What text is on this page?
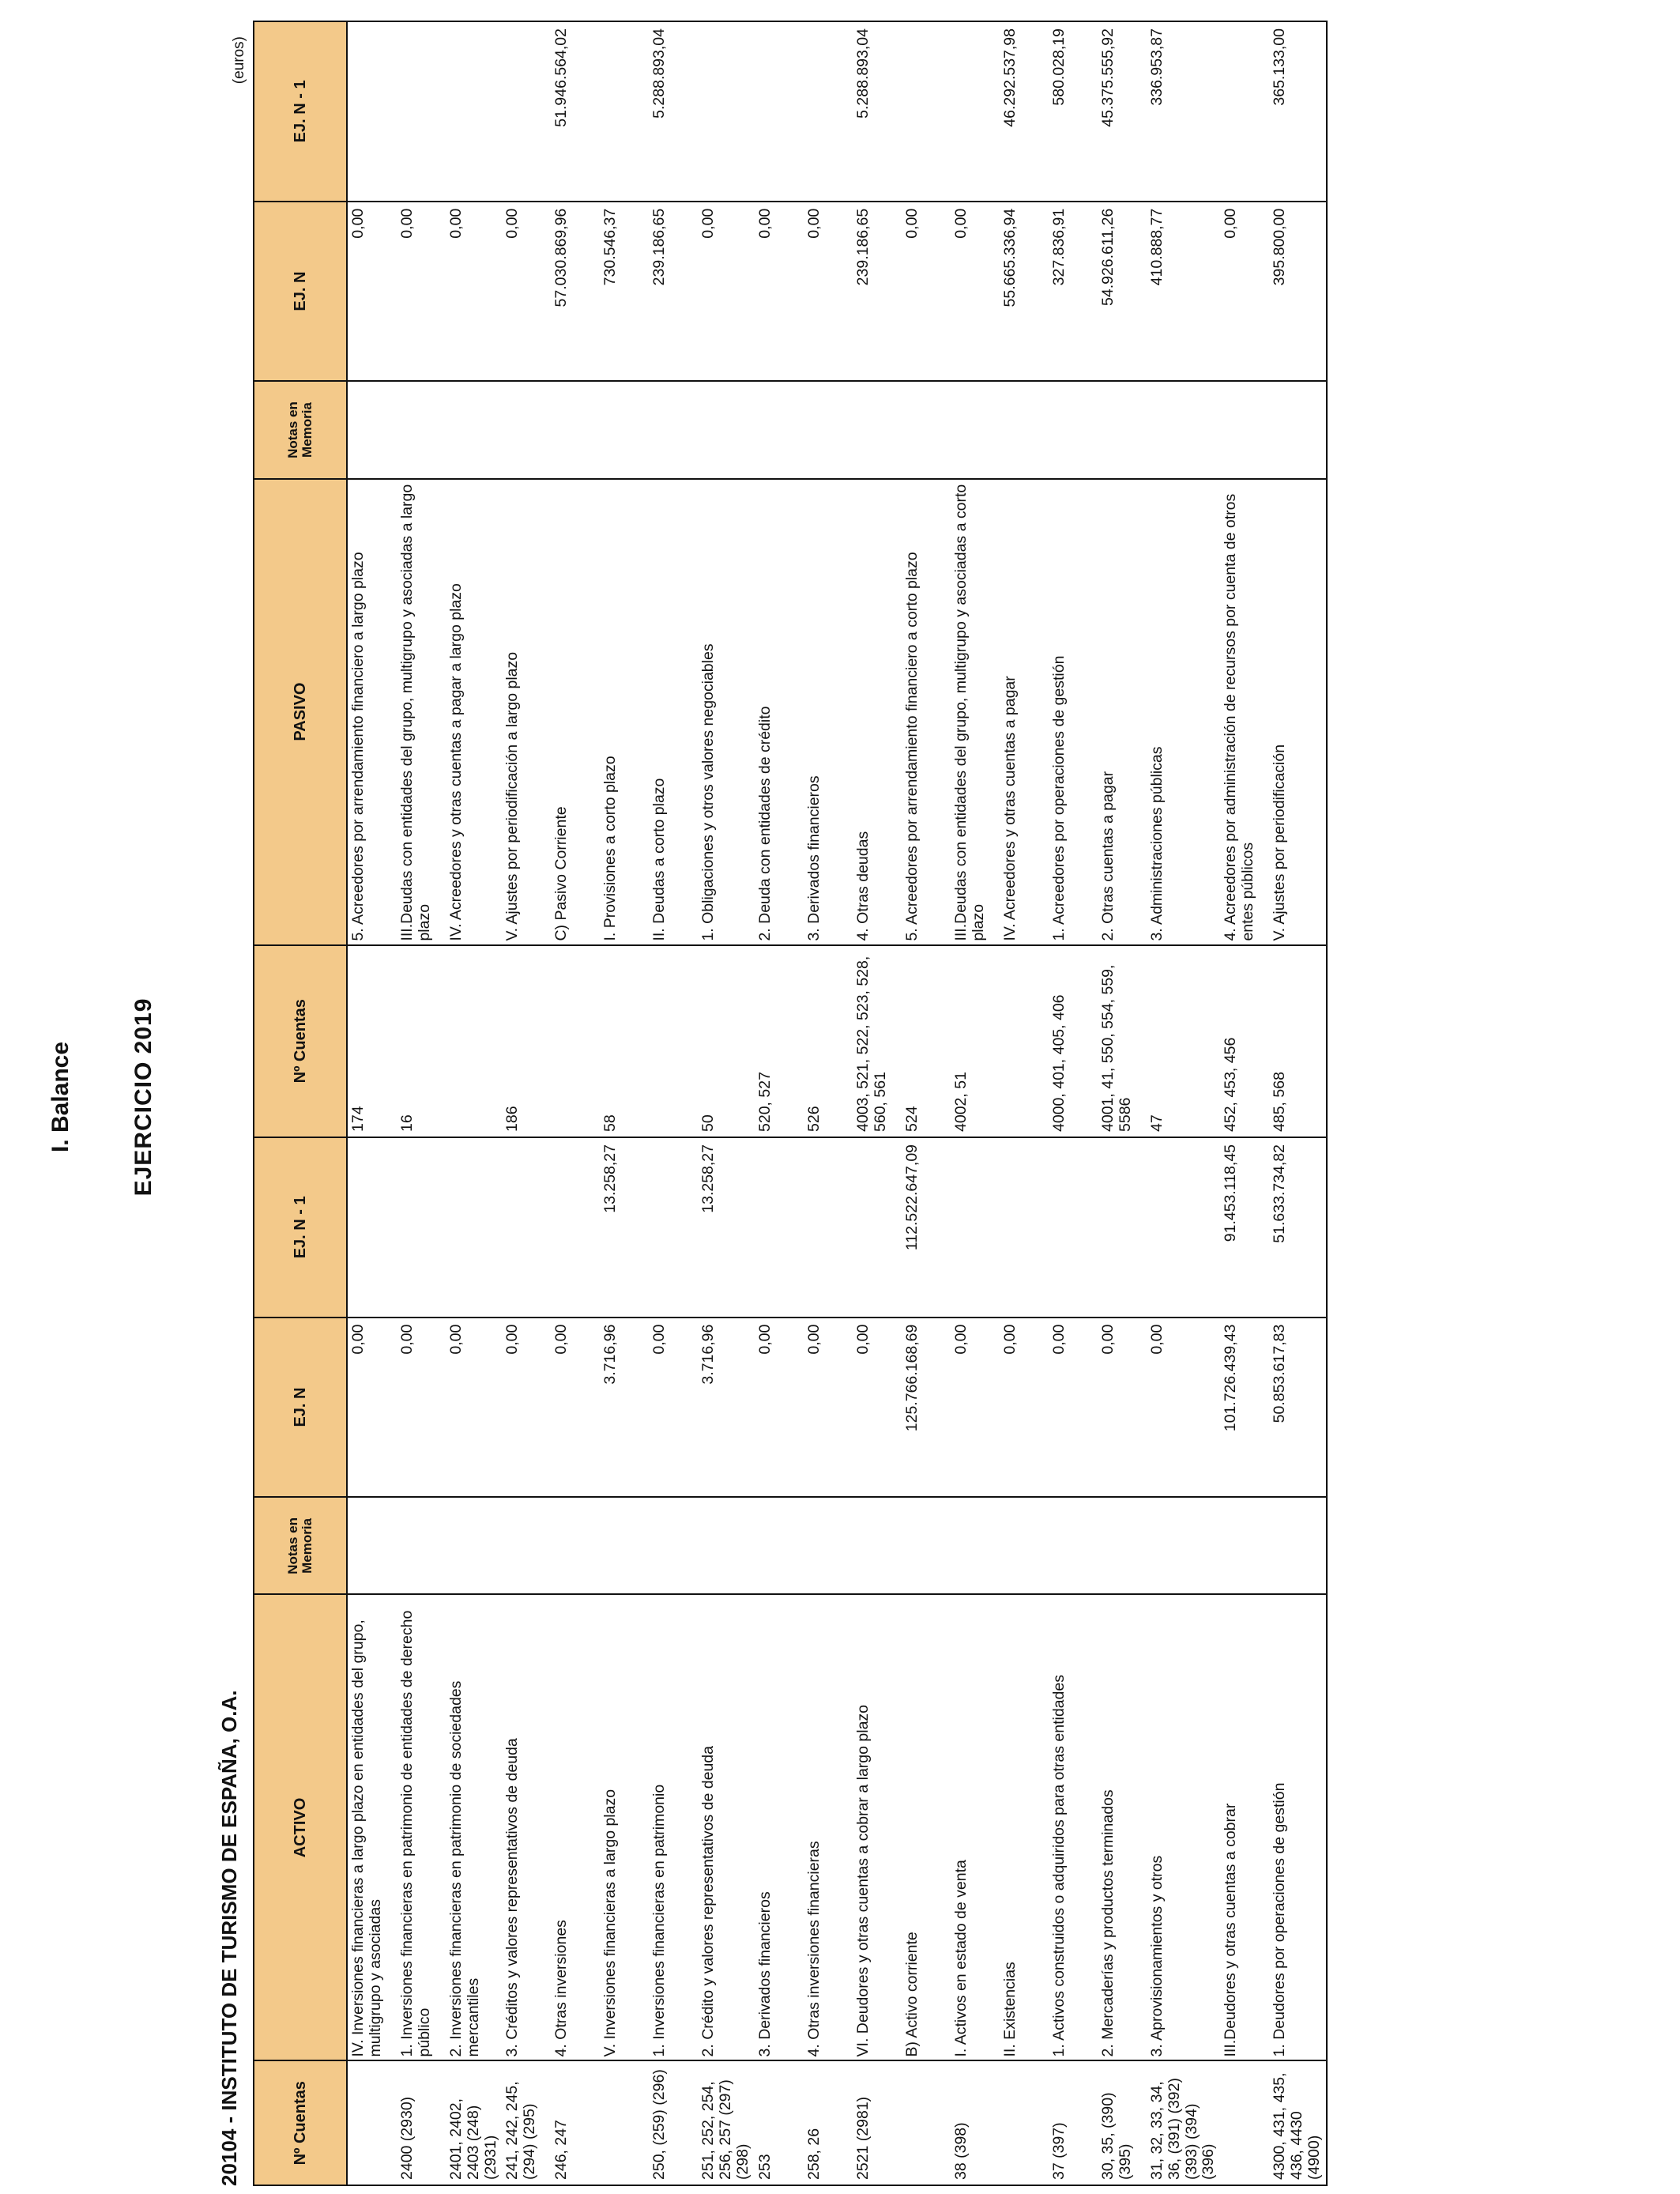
I. Balance EJERCICIO 2019
20104 - INSTITUTO DE TURISMO DE ESPAÑA, O.A.
(euros)
Nº Cuentas	ACTIVO	Notas en Memoria	EJ. N	EJ. N - 1	Nº Cuentas	PASIVO	Notas en Memoria	EJ. N	EJ. N - 1
	IV. Inversiones financieras a largo plazo en entidades del grupo, multigrupo y asociadas		0,00		174	5. Acreedores por arrendamiento financiero a largo plazo		0,00	
2400 (2930)	1. Inversiones financieras en patrimonio de entidades de derecho público		0,00		16	III.Deudas con entidades del grupo, multigrupo y asociadas a largo plazo		0,00	
2401, 2402, 2403 (248) (2931)	2. Inversiones financieras en patrimonio de sociedades mercantiles		0,00			IV. Acreedores y otras cuentas a pagar a largo plazo		0,00	
241, 242, 245, (294) (295)	3. Créditos y valores representativos de deuda		0,00		186	V. Ajustes por periodificación a largo plazo		0,00	
246, 247	4. Otras inversiones		0,00			C) Pasivo Corriente		57.030.869,96	51.946.564,02
	V. Inversiones financieras a largo plazo		3.716,96	13.258,27	58	I. Provisiones a corto plazo		730.546,37	
250, (259) (296)	1. Inversiones financieras en patrimonio		0,00			II. Deudas a corto plazo		239.186,65	5.288.893,04
251, 252, 254, 256, 257 (297) (298)	2. Crédito y valores representativos de deuda		3.716,96	13.258,27	50	1. Obligaciones y otros valores negociables		0,00	
253	3. Derivados financieros		0,00		520, 527	2. Deuda con entidades de crédito		0,00	
258, 26	4. Otras inversiones financieras		0,00		526	3. Derivados financieros		0,00	
2521 (2981)	VI. Deudores y otras cuentas a cobrar a largo plazo		0,00		4003, 521, 522, 523, 528, 560, 561	4. Otras deudas		239.186,65	5.288.893,04
	B) Activo corriente		125.766.168,69	112.522.647,09	524	5. Acreedores por arrendamiento financiero a corto plazo		0,00	
38 (398)	I. Activos en estado de venta		0,00		4002, 51	III.Deudas con entidades del grupo, multigrupo y asociadas a corto plazo		0,00	
	II. Existencias		0,00			IV. Acreedores y otras cuentas a pagar		55.665.336,94	46.292.537,98
37 (397)	1. Activos construidos o adquiridos para otras entidades		0,00		4000, 401, 405, 406	1. Acreedores por operaciones de gestión		327.836,91	580.028,19
30, 35, (390) (395)	2. Mercaderías y productos terminados		0,00		4001, 41, 550, 554, 559, 5586	2. Otras cuentas a pagar		54.926.611,26	45.375.555,92
31, 32, 33, 34, 36, (391) (392) (393) (394) (396)	3. Aprovisionamientos y otros		0,00		47	3. Administraciones públicas		410.888,77	336.953,87
	III.Deudores y otras cuentas a cobrar		101.726.439,43	91.453.118,45	452, 453, 456	4. Acreedores por administración de recursos por cuenta de otros entes públicos		0,00	
4300, 431, 435, 436, 4430 (4900)	1. Deudores por operaciones de gestión		50.853.617,83	51.633.734,82	485, 568	V. Ajustes por periodificación		395.800,00	365.133,00
